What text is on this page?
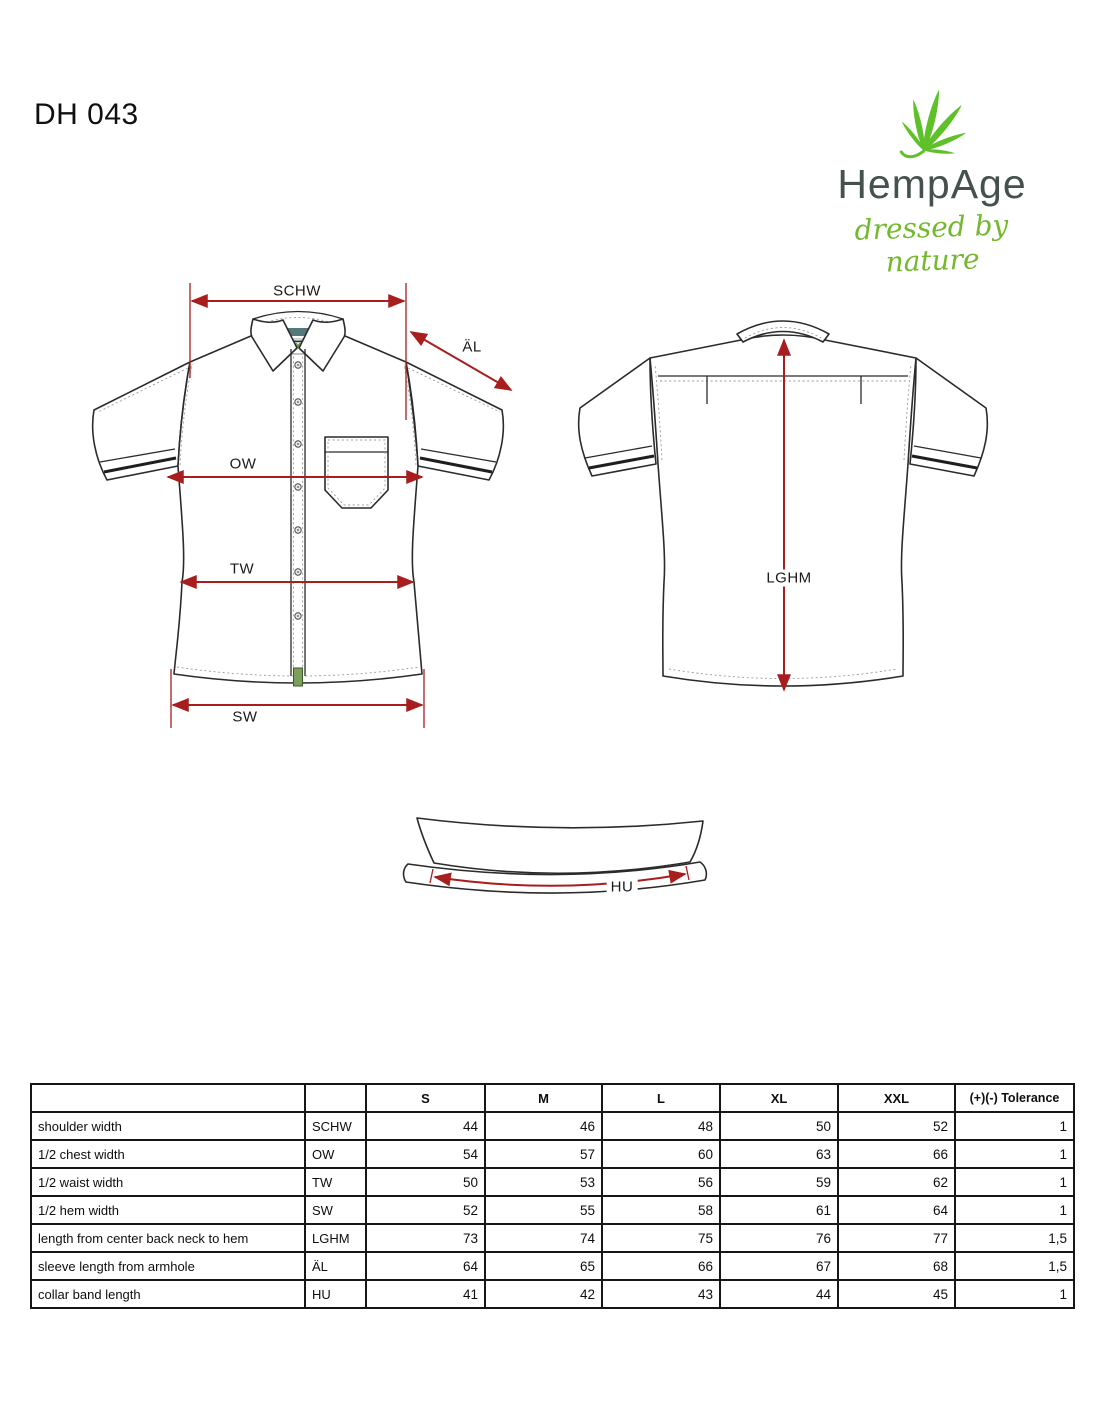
DH 043
HempAge
dressed by nature
SCHW
ÄL
OW
TW
SW
LGHM
HU
		S	M	L	XL	XXL	(+)(-) Tolerance
shoulder width	SCHW	44	46	48	50	52	1
1/2 chest width	OW	54	57	60	63	66	1
1/2 waist width	TW	50	53	56	59	62	1
1/2 hem width	SW	52	55	58	61	64	1
length from center back neck to hem	LGHM	73	74	75	76	77	1,5
sleeve length from armhole	ÄL	64	65	66	67	68	1,5
collar band length	HU	41	42	43	44	45	1
